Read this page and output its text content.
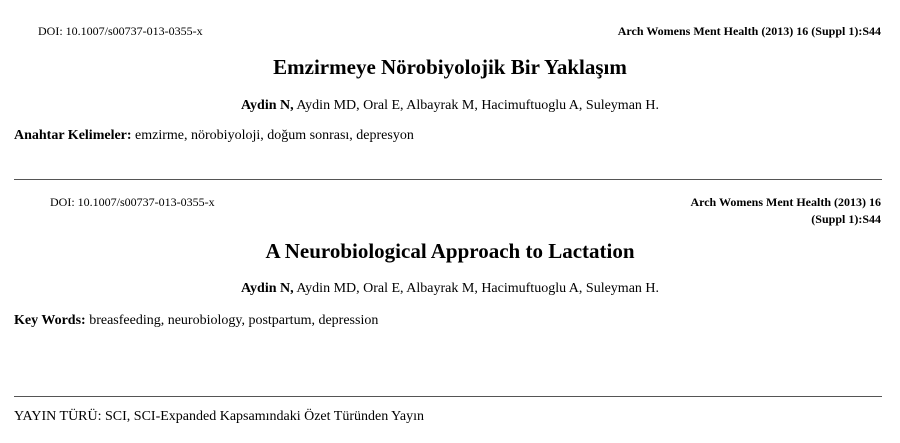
DOI: 10.1007/s00737-013-0355-x	Arch Womens Ment Health (2013) 16 (Suppl 1):S44
Emzirmeye Nörobiyolojik Bir Yaklaşım
Aydin N, Aydin MD, Oral E, Albayrak M, Hacimuftuoglu A, Suleyman H.
Anahtar Kelimeler: emzirme, nörobiyoloji, doğum sonrası, depresyon
DOI: 10.1007/s00737-013-0355-x	Arch Womens Ment Health (2013) 16
(Suppl 1):S44
A Neurobiological Approach to Lactation
Aydin N, Aydin MD, Oral E, Albayrak M, Hacimuftuoglu A, Suleyman H.
Key Words: breasfeeding, neurobiology, postpartum, depression
YAYIN TÜRÜ: SCI, SCI-Expanded Kapsamındaki Özet Türünden Yayın
